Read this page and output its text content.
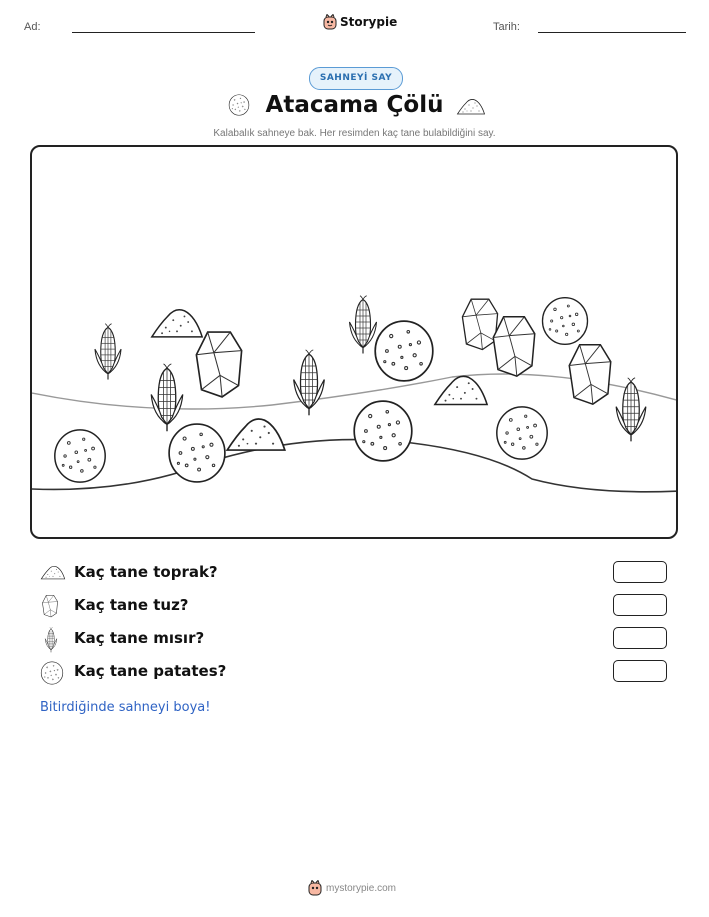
Ad:	Storypie	Tarih:
SAHNEYİ SAY
Atacama Çölü
Kalabalık sahneye bak. Her resimden kaç tane bulabildiğini say.
Kaç tane toprak?
Kaç tane tuz?
Kaç tane mısır?
Kaç tane patates?
Bitirdiğinde sahneyi boya!
mystorypie.com
